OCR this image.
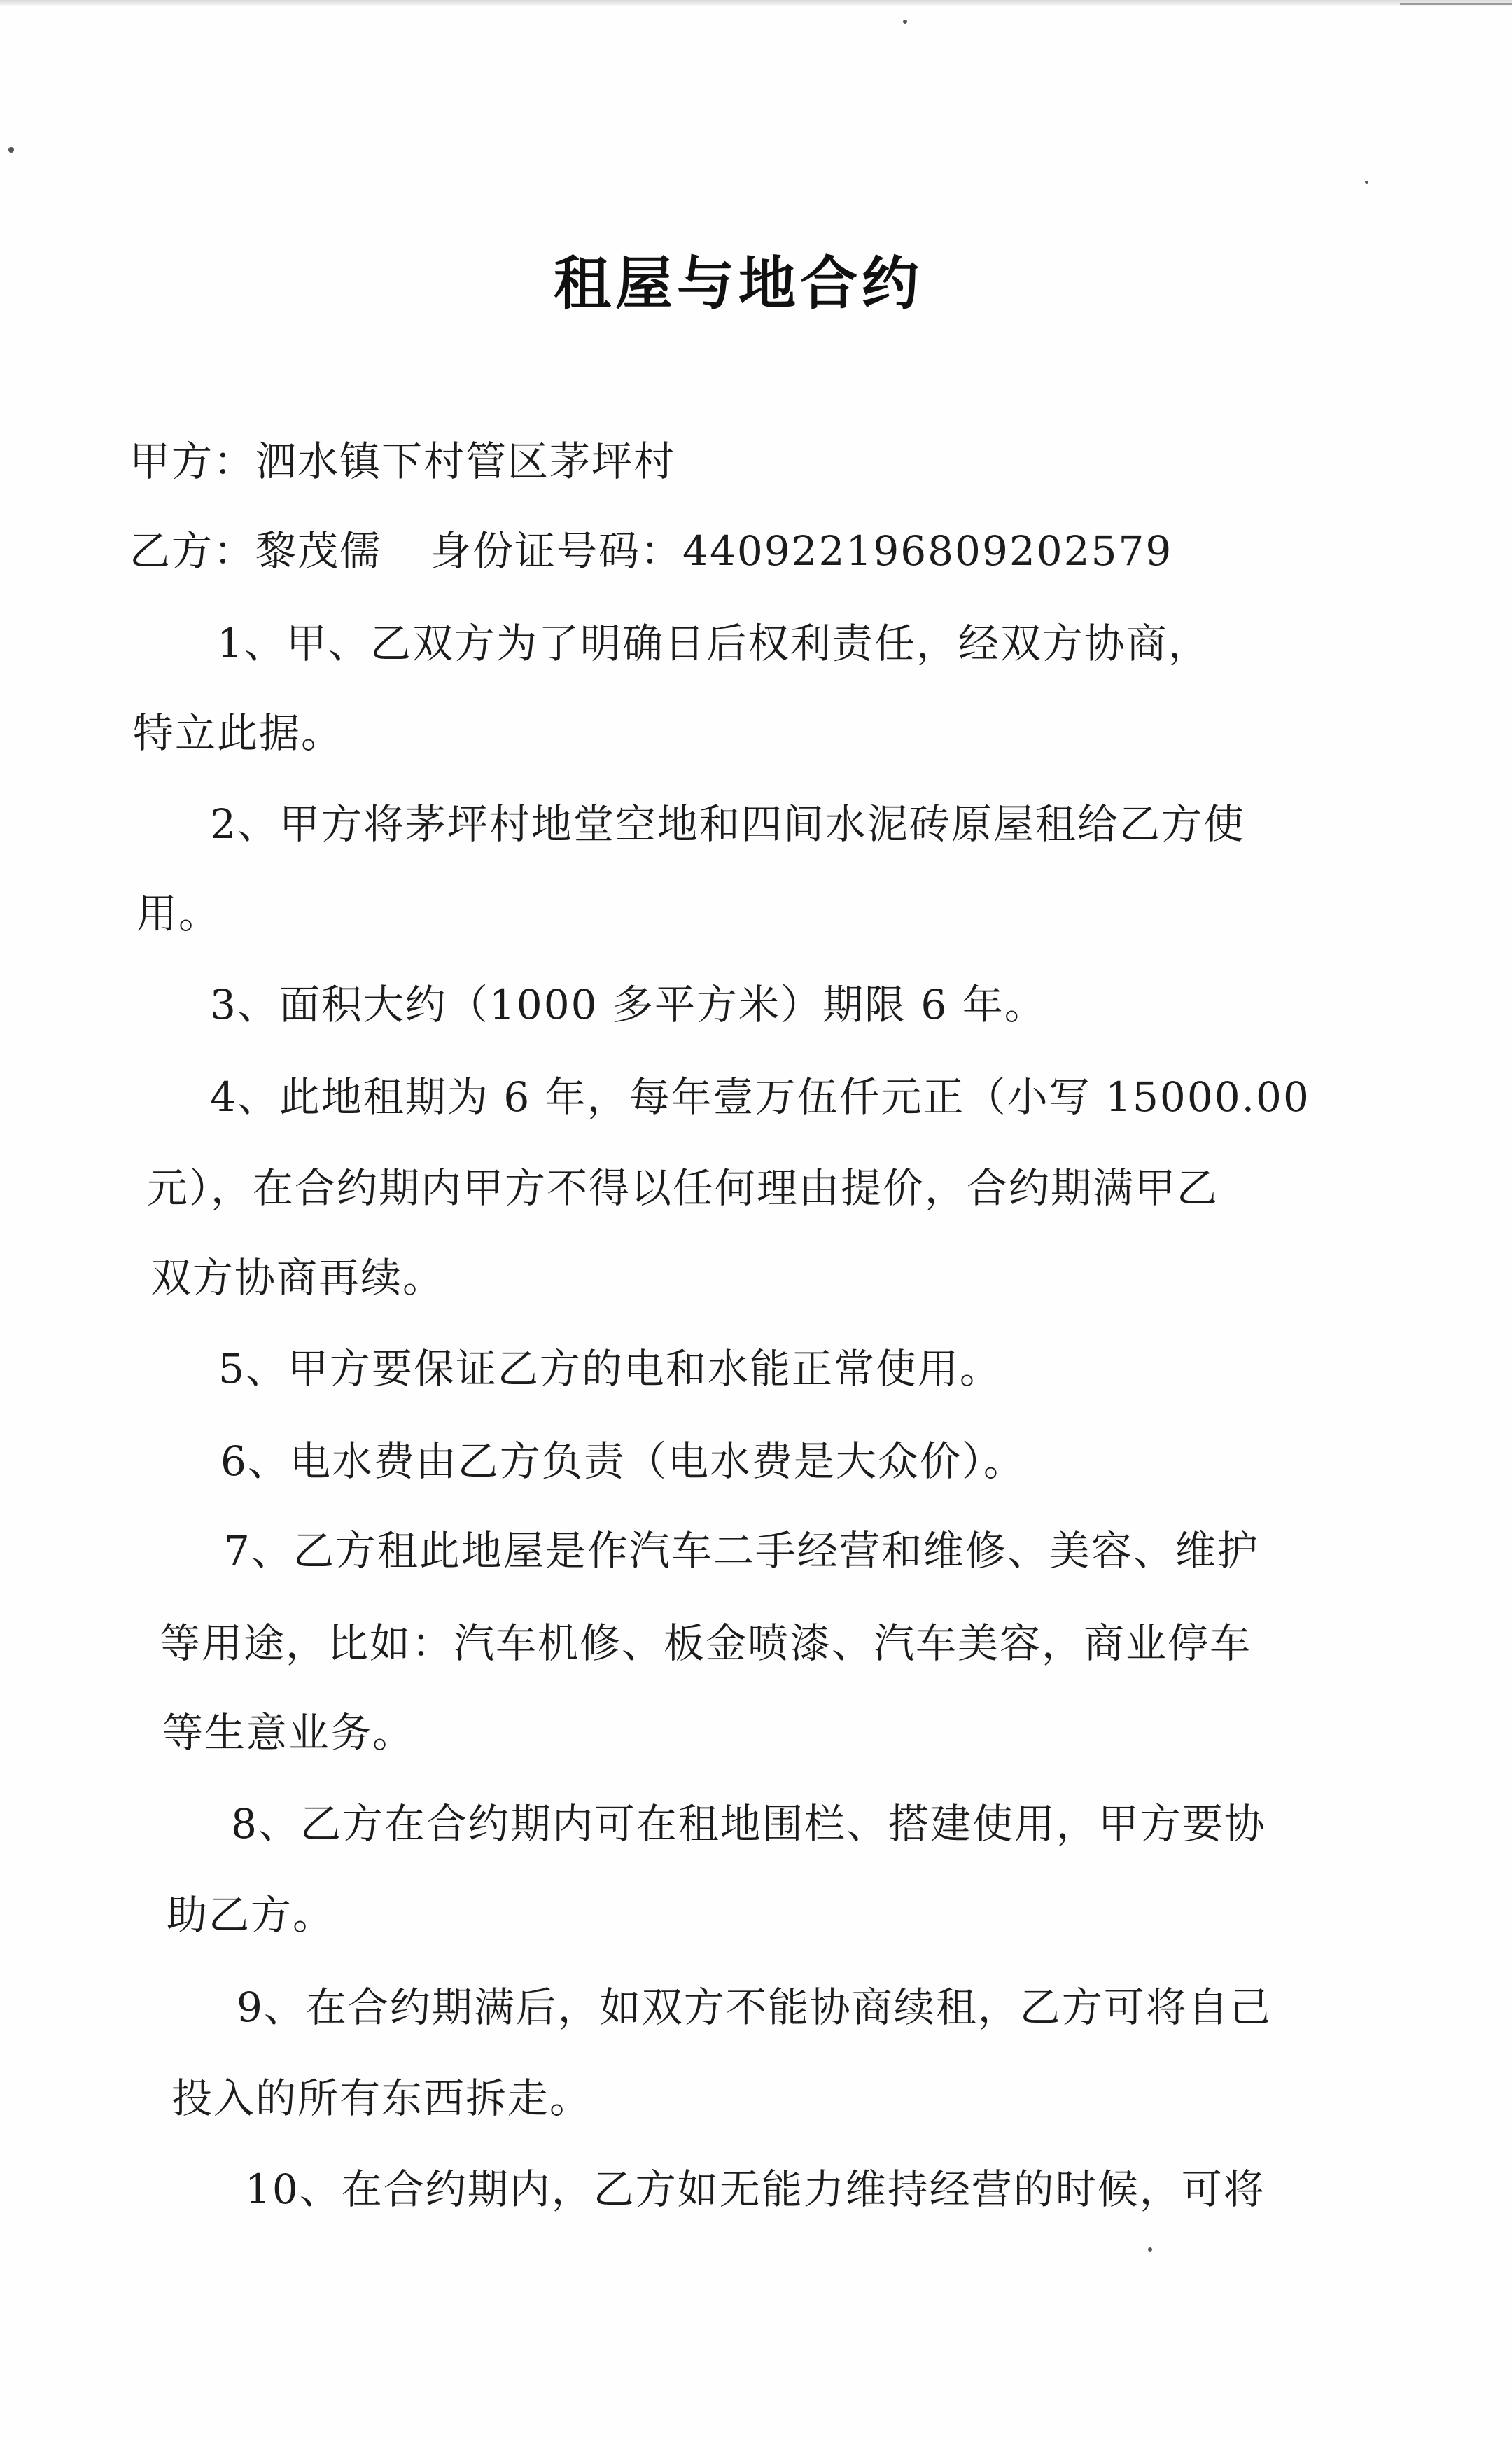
租屋与地合约
甲方：泗水镇下村管区茅坪村
乙方：黎茂儒 身份证号码：440922196809202579
1、甲、乙双方为了明确日后权利责任，经双方协商，
特立此据。
2、甲方将茅坪村地堂空地和四间水泥砖原屋租给乙方使
用。
3、面积大约（1000 多平方米）期限 6 年。
4、此地租期为 6 年，每年壹万伍仟元正（小写 15000.00
元），在合约期内甲方不得以任何理由提价，合约期满甲乙
双方协商再续。
5、甲方要保证乙方的电和水能正常使用。
6、电水费由乙方负责（电水费是大众价）。
7、乙方租此地屋是作汽车二手经营和维修、美容、维护
等用途，比如：汽车机修、板金喷漆、汽车美容，商业停车
等生意业务。
8、乙方在合约期内可在租地围栏、搭建使用，甲方要协
助乙方。
9、在合约期满后，如双方不能协商续租，乙方可将自己
投入的所有东西拆走。
10、在合约期内，乙方如无能力维持经营的时候，可将
